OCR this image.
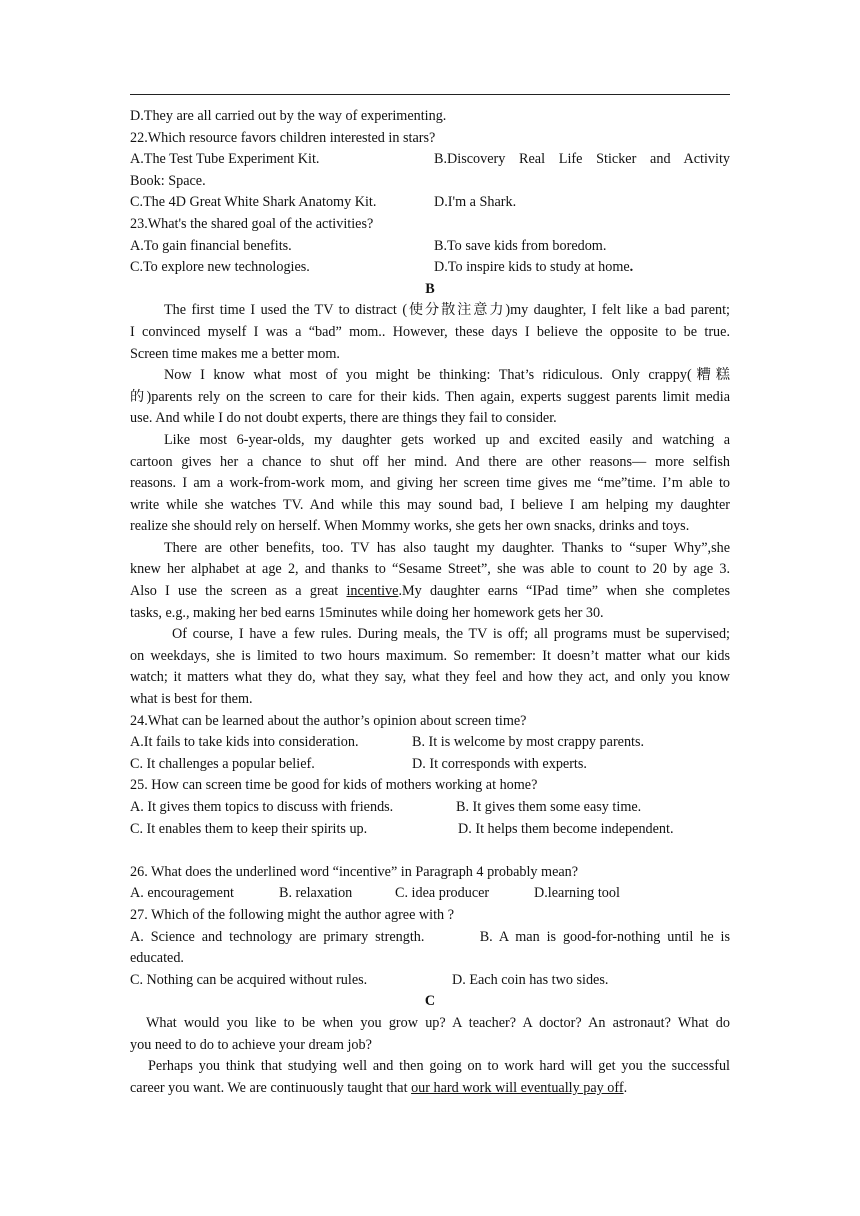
D.They are all carried out by the way of experimenting.
22.Which resource favors children interested in stars?
A.The Test Tube Experiment Kit.	B.Discovery Real Life Sticker and Activity
Book: Space.
C.The 4D Great White Shark Anatomy Kit.	D.I'm a Shark.
23.What's the shared goal of the activities?
A.To gain financial benefits.	B.To save kids from boredom.
C.To explore new technologies.	D.To inspire kids to study at home.
B
The first time I used the TV to distract (使分散注意力)my daughter, I felt like a bad parent;
I convinced myself I was a “bad” mom.. However, these days I believe the opposite to be true.
Screen time makes me a better mom.
Now I know what most of you might be thinking: That’s ridiculous. Only crappy(糟糕
的)parents rely on the screen to care for their kids. Then again, experts suggest parents limit media
use. And while I do not doubt experts, there are things they fail to consider.
Like most 6-year-olds, my daughter gets worked up and excited easily and watching a
cartoon gives her a chance to shut off her mind. And there are other reasons— more selfish
reasons. I am a work-from-work mom, and giving her screen time gives me “me”time. I’m able to
write while she watches TV. And while this may sound bad, I believe I am helping my daughter
realize she should rely on herself. When Mommy works, she gets her own snacks, drinks and toys.
There are other benefits, too. TV has also taught my daughter. Thanks to “super Why”,she
knew her alphabet at age 2, and thanks to “Sesame Street”, she was able to count to 20 by age 3.
Also I use the screen as a great incentive.My daughter earns “IPad time” when she completes
tasks, e.g., making her bed earns 15minutes while doing her homework gets her 30.
Of course, I have a few rules. During meals, the TV is off; all programs must be supervised;
on weekdays, she is limited to two hours maximum. So remember: It doesn’t matter what our kids
watch; it matters what they do, what they say, what they feel and how they act, and only you know
what is best for them.
24.What can be learned about the author’s opinion about screen time?
A.It fails to take kids into consideration.	B. It is welcome by most crappy parents.
C. It challenges a popular belief.	D. It corresponds with experts.
25. How can screen time be good for kids of mothers working at home?
A. It gives them topics to discuss with friends.	B. It gives them some easy time.
C. It enables them to keep their spirits up.	D. It helps them become independent.
26. What does the underlined word “incentive” in Paragraph 4 probably mean?
A. encouragement	B. relaxation	C. idea producer	D.learning tool
27. Which of the following might the author agree with ?
A. Science and technology are primary strength.        B. A man is good-for-nothing until he is
educated.
C. Nothing can be acquired without rules.	D. Each coin has two sides.
C
What would you like to be when you grow up? A teacher? A doctor? An astronaut? What do
you need to do to achieve your dream job?
Perhaps you think that studying well and then going on to work hard will get you the successful
career you want. We are continuously taught that our hard work will eventually pay off.
